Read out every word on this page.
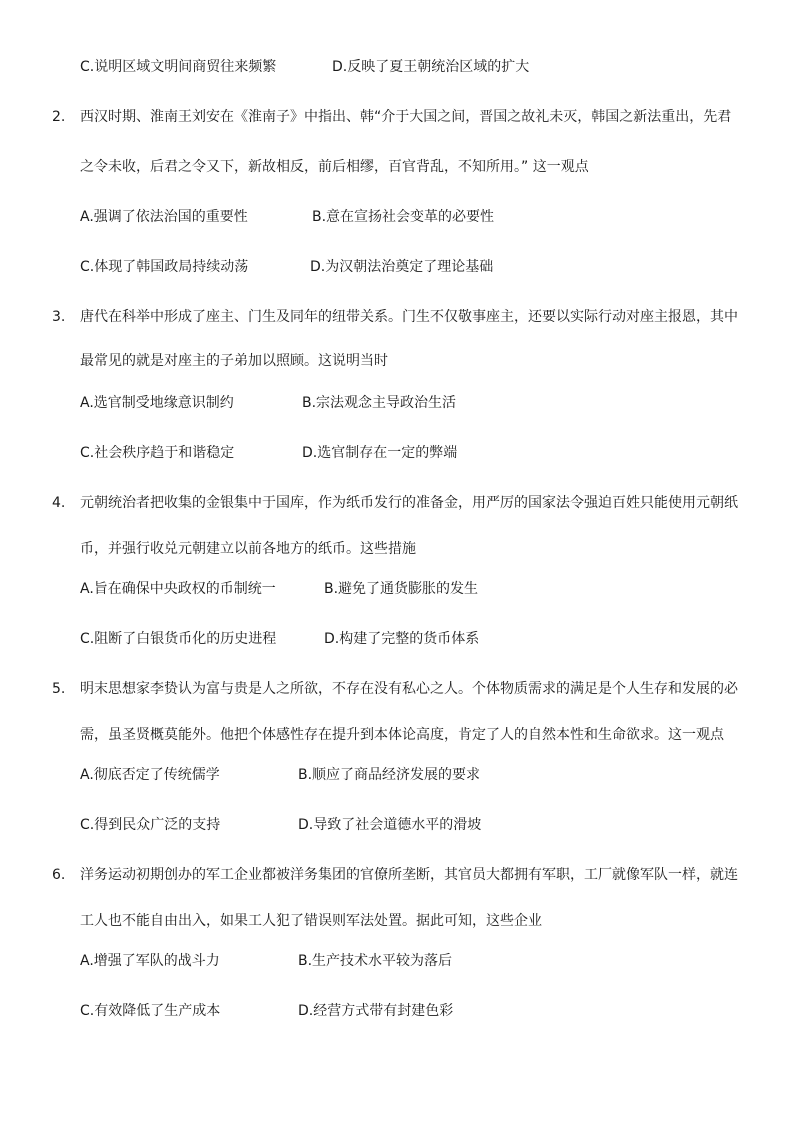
C.说明区域文明间商贸往来频繁	D.反映了夏王朝统治区域的扩大
2. 西汉时期、淮南王刘安在《淮南子》中指出、韩“介于大国之间，晋国之故礼未灭，韩国之新法重出，先君
之令未收，后君之令又下，新故相反，前后相缪，百官背乱，不知所用。” 这一观点
A.强调了依法治国的重要性	B.意在宣扬社会变革的必要性
C.体现了韩国政局持续动荡	D.为汉朝法治奠定了理论基础
3. 唐代在科举中形成了座主、门生及同年的纽带关系。门生不仅敬事座主，还要以实际行动对座主报恩，其中
最常见的就是对座主的子弟加以照顾。这说明当时
A.选官制受地缘意识制约	B.宗法观念主导政治生活
C.社会秩序趋于和谐稳定	D.选官制存在一定的弊端
4. 元朝统治者把收集的金银集中于国库，作为纸币发行的准备金，用严厉的国家法令强迫百姓只能使用元朝纸
币，并强行收兑元朝建立以前各地方的纸币。这些措施
A.旨在确保中央政权的币制统一	B.避免了通货膨胀的发生
C.阻断了白银货币化的历史进程	D.构建了完整的货币体系
5. 明末思想家李贽认为富与贵是人之所欲，不存在没有私心之人。个体物质需求的满足是个人生存和发展的必
需，虽圣贤概莫能外。他把个体感性存在提升到本体论高度，肯定了人的自然本性和生命欲求。这一观点
A.彻底否定了传统儒学	B.顺应了商品经济发展的要求
C.得到民众广泛的支持	D.导致了社会道德水平的滑坡
6. 洋务运动初期创办的军工企业都被洋务集团的官僚所垄断，其官员大都拥有军职，工厂就像军队一样，就连
工人也不能自由出入，如果工人犯了错误则军法处置。据此可知，这些企业
A.增强了军队的战斗力	B.生产技术水平较为落后
C.有效降低了生产成本	D.经营方式带有封建色彩
